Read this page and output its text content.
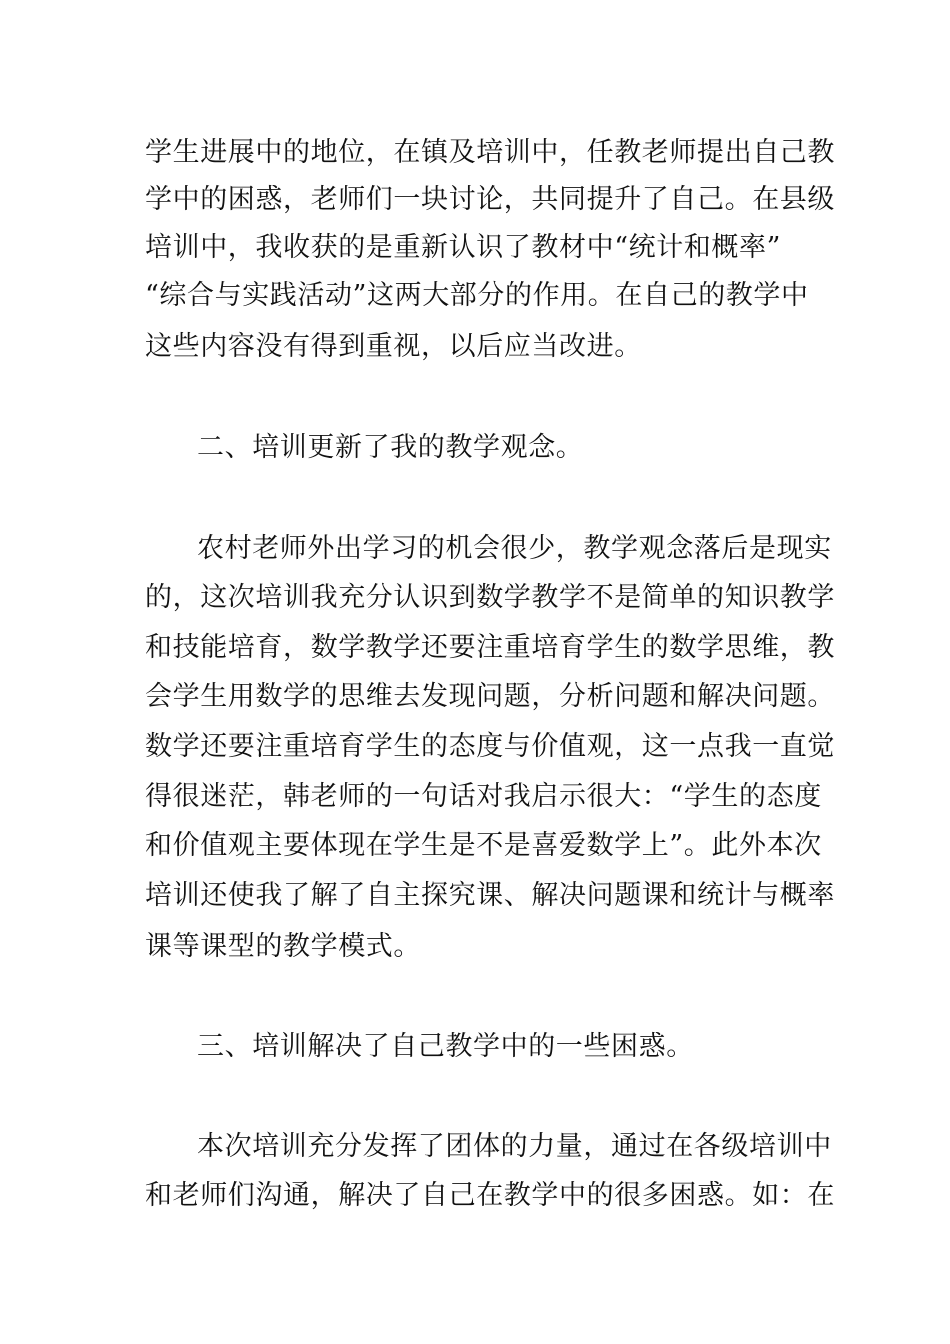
学生进展中的地位，在镇及培训中，任教老师提出自己教
学中的困惑，老师们一块讨论，共同提升了自己。在县级
培训中，我收获的是重新认识了教材中“统计和概率”
“综合与实践活动”这两大部分的作用。在自己的教学中
这些内容没有得到重视，以后应当改进。
二、培训更新了我的教学观念。
农村老师外出学习的机会很少，教学观念落后是现实
的，这次培训我充分认识到数学教学不是简单的知识教学
和技能培育，数学教学还要注重培育学生的数学思维，教
会学生用数学的思维去发现问题，分析问题和解决问题。
数学还要注重培育学生的态度与价值观，这一点我一直觉
得很迷茫，韩老师的一句话对我启示很大：“学生的态度
和价值观主要体现在学生是不是喜爱数学上”。此外本次
培训还使我了解了自主探究课、解决问题课和统计与概率
课等课型的教学模式。
三、培训解决了自己教学中的一些困惑。
本次培训充分发挥了团体的力量，通过在各级培训中
和老师们沟通，解决了自己在教学中的很多困惑。如：在
